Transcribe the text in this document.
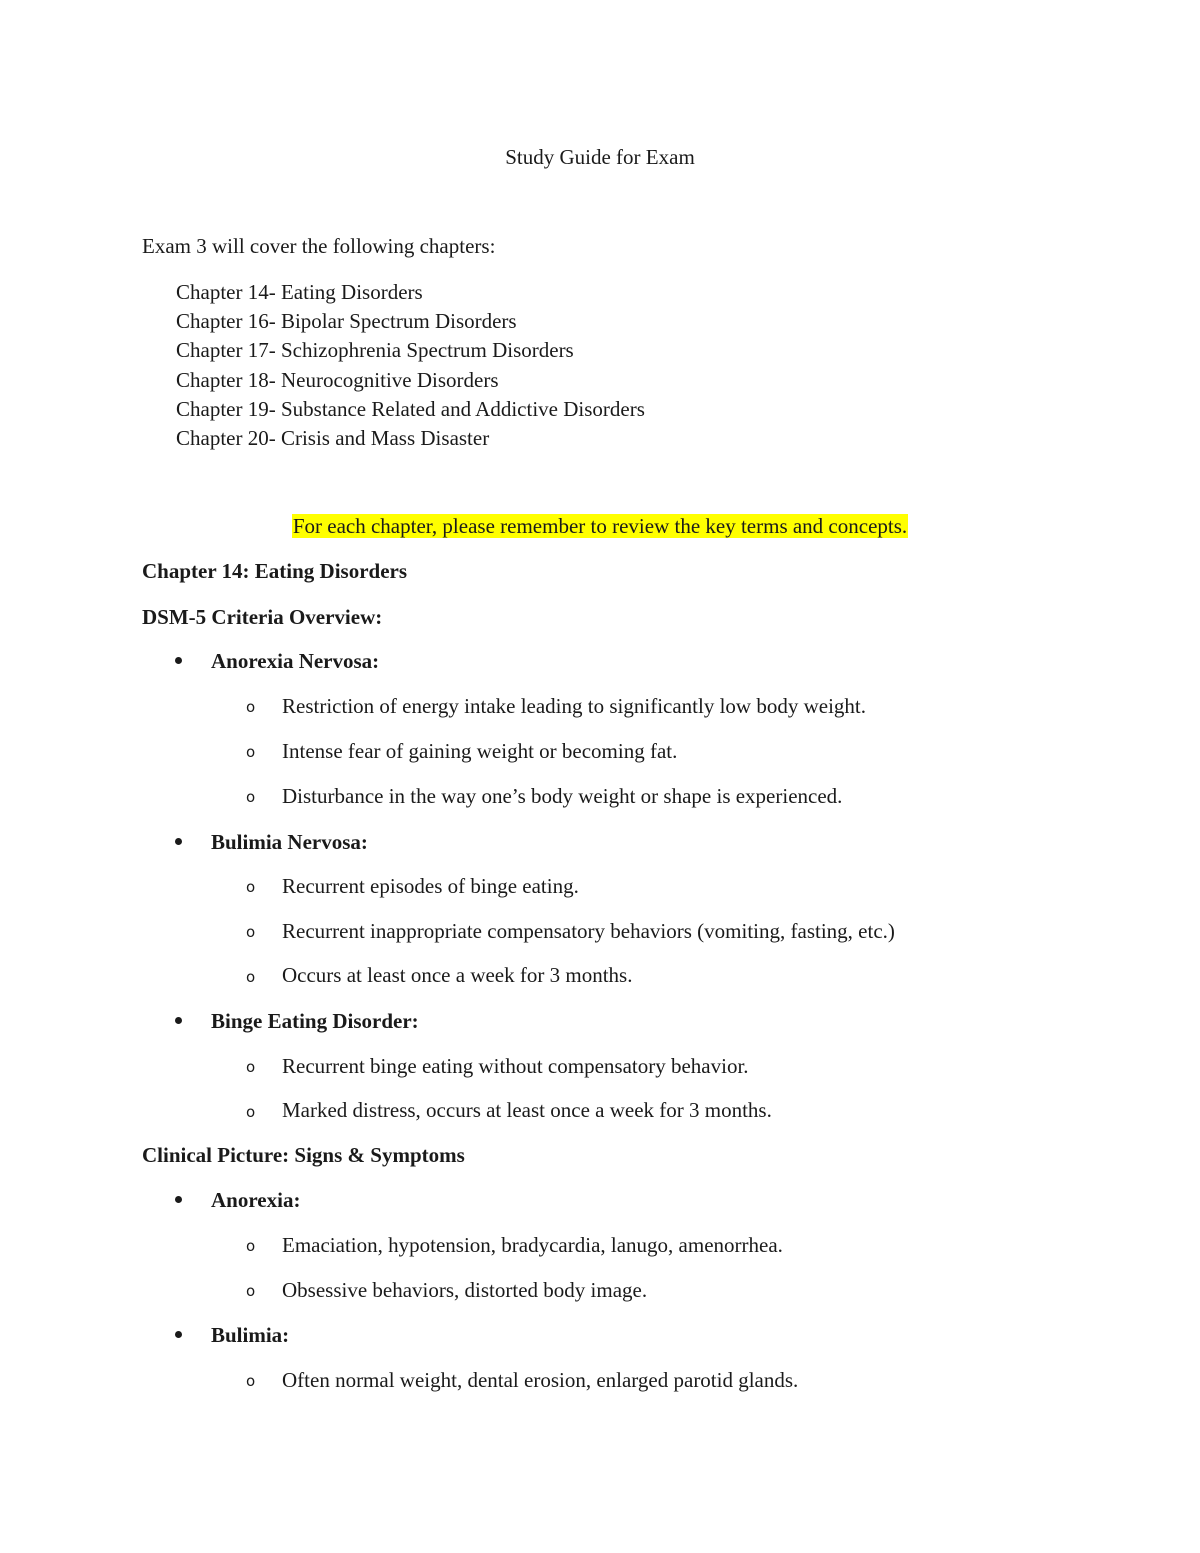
Study Guide for Exam
Exam 3 will cover the following chapters:
Chapter 14- Eating Disorders
Chapter 16- Bipolar Spectrum Disorders
Chapter 17- Schizophrenia Spectrum Disorders
Chapter 18- Neurocognitive Disorders
Chapter 19- Substance Related and Addictive Disorders
Chapter 20- Crisis and Mass Disaster
For each chapter, please remember to review the key terms and concepts.
Chapter 14: Eating Disorders
DSM-5 Criteria Overview:
Anorexia Nervosa:
o Restriction of energy intake leading to significantly low body weight.
o Intense fear of gaining weight or becoming fat.
o Disturbance in the way one’s body weight or shape is experienced.
Bulimia Nervosa:
o Recurrent episodes of binge eating.
o Recurrent inappropriate compensatory behaviors (vomiting, fasting, etc.)
o Occurs at least once a week for 3 months.
Binge Eating Disorder:
o Recurrent binge eating without compensatory behavior.
o Marked distress, occurs at least once a week for 3 months.
Clinical Picture: Signs & Symptoms
Anorexia:
o Emaciation, hypotension, bradycardia, lanugo, amenorrhea.
o Obsessive behaviors, distorted body image.
Bulimia:
o Often normal weight, dental erosion, enlarged parotid glands.
